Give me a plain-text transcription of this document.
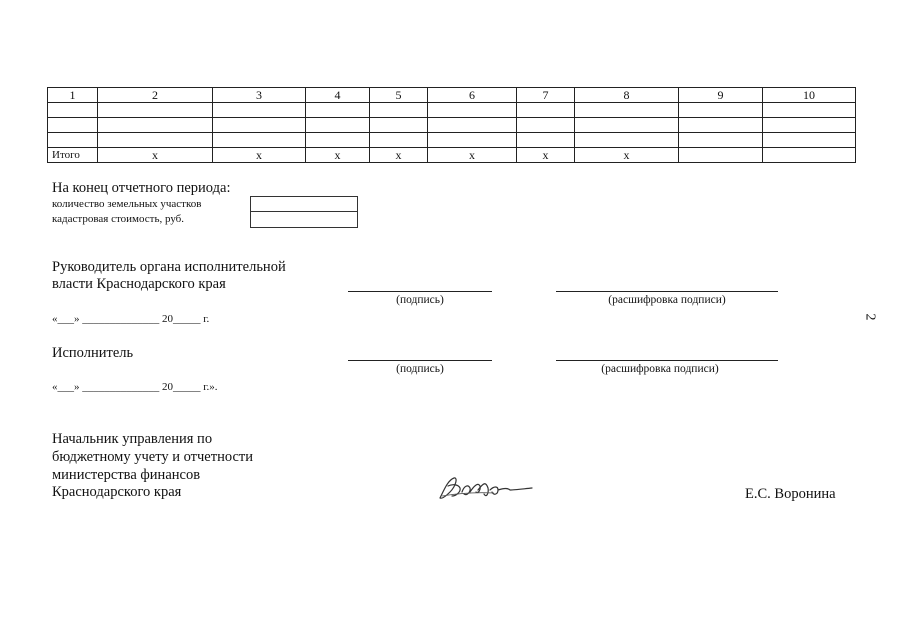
1	2	3	4	5	6	7	8	9	10

Итого	x	x	x	x	x	x	x		
На конец отчетного периода:
количество земельных участков
кадастровая стоимость, руб.
Руководитель органа исполнительной
власти Краснодарского края
(подпись)	(расшифровка подписи)
«___» ______________ 20_____ г.
Исполнитель
(подпись)	(расшифровка подписи)
«___» ______________ 20_____ г.».
Начальник управления по
бюджетному учету и отчетности
министерства финансов
Краснодарского края	Е.С. Воронина
2
